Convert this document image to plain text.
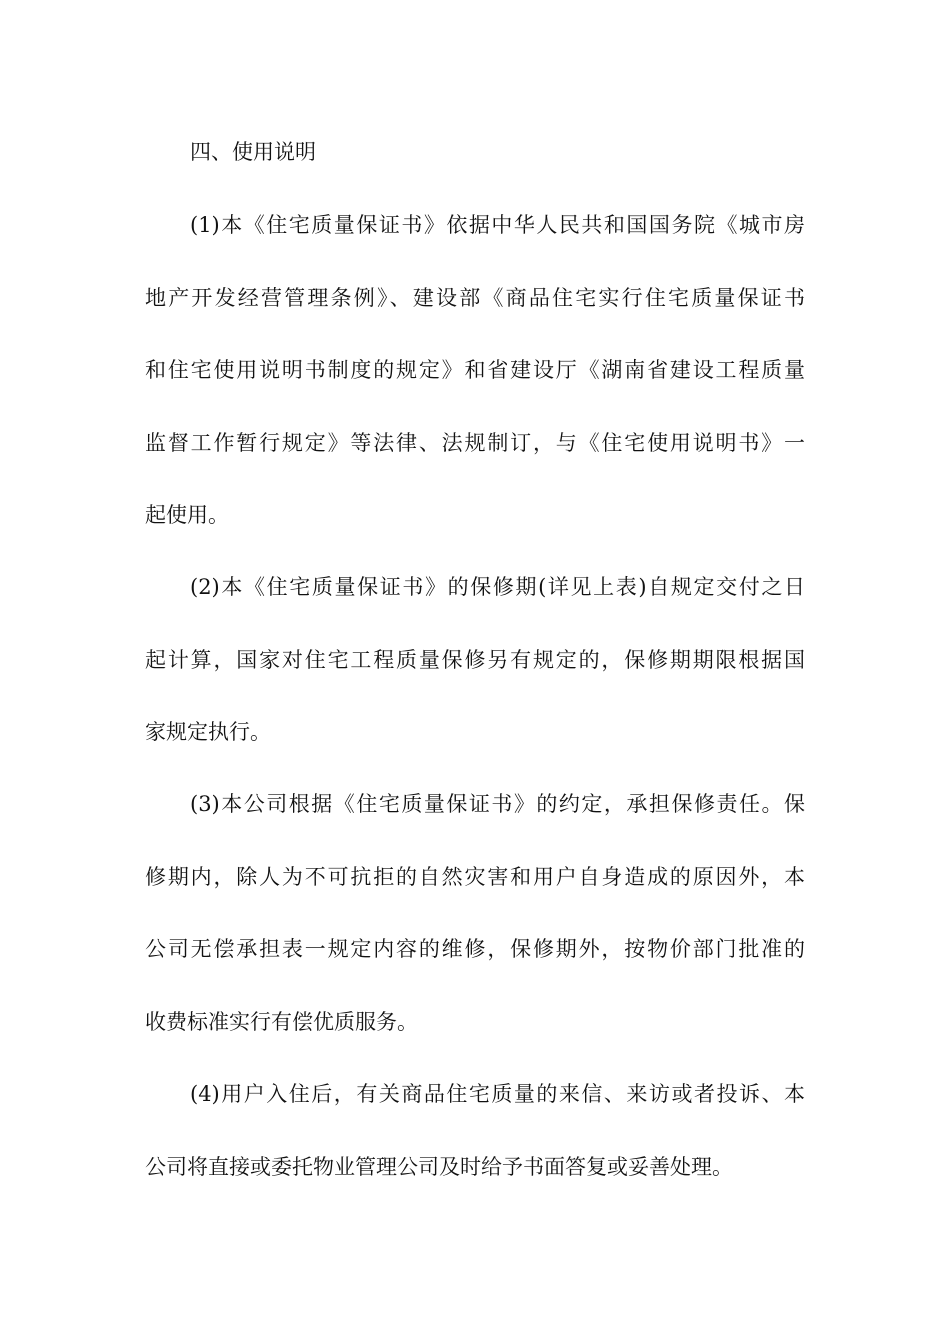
四、使用说明
(1)本《住宅质量保证书》依据中华人民共和国国务院《城市房
地产开发经营管理条例》、建设部《商品住宅实行住宅质量保证书
和住宅使用说明书制度的规定》和省建设厅《湖南省建设工程质量
监督工作暂行规定》等法律、法规制订，与《住宅使用说明书》一
起使用。
(2)本《住宅质量保证书》的保修期(详见上表)自规定交付之日
起计算，国家对住宅工程质量保修另有规定的，保修期期限根据国
家规定执行。
(3)本公司根据《住宅质量保证书》的约定，承担保修责任。保
修期内，除人为不可抗拒的自然灾害和用户自身造成的原因外，本
公司无偿承担表一规定内容的维修，保修期外，按物价部门批准的
收费标准实行有偿优质服务。
(4)用户入住后，有关商品住宅质量的来信、来访或者投诉、本
公司将直接或委托物业管理公司及时给予书面答复或妥善处理。
